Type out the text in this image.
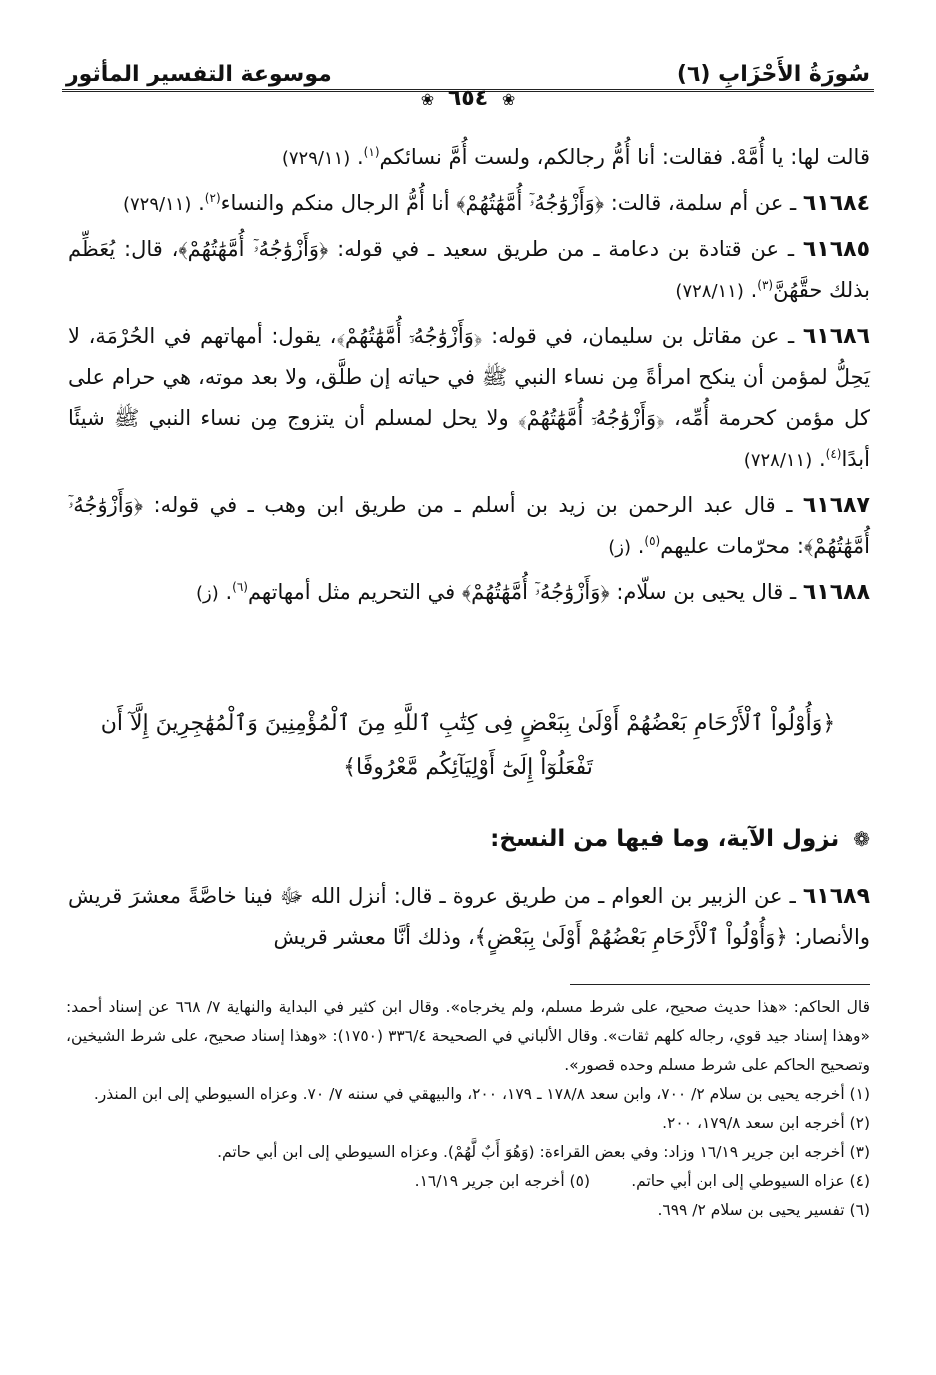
سُورَةُ الأَحْزَابِ (٦)
موسوعة التفسير المأثور
❀ ٦٥٤ ❀

قالت لها: يا أُمَّهْ. فقالت: أنا أُمُّ رجالكم، ولست أُمَّ نسائكم$^{(١)}$. (٧٢٩/١١)

٦١٦٨٤ ـ عن أم سلمة، قالت: ﴿وَأَزْوَٰجُهُۥٓ أُمَّهَٰتُهُمْ﴾ أنا أُمُّ الرجال منكم والنساء$^{(٢)}$. (٧٢٩/١١)

٦١٦٨٥ ـ عن قتادة بن دعامة ـ من طريق سعيد ـ في قوله: ﴿وَأَزْوَٰجُهُۥٓ أُمَّهَٰتُهُمْ﴾، قال: يُعَظِّم بذلك حقَّهُنَّ$^{(٣)}$. (٧٢٨/١١)

٦١٦٨٦ ـ عن مقاتل بن سليمان، في قوله: ﴿وَأَزْوَٰجُهُۥٓ أُمَّهَٰتُهُمْ﴾، يقول: أمهاتهم في الحُرْمَة، لا يَحِلُّ لمؤمن أن ينكح امرأةً مِن نساء النبي ﷺ في حياته إن طلَّق، ولا بعد موته، هي حرام على كل مؤمن كحرمة أُمِّه، ﴿وَأَزْوَٰجُهُۥٓ أُمَّهَٰتُهُمْ﴾ ولا يحل لمسلم أن يتزوج مِن نساء النبي ﷺ شيئًا أبدًا$^{(٤)}$. (٧٢٨/١١)

٦١٦٨٧ ـ قال عبد الرحمن بن زيد بن أسلم ـ من طريق ابن وهب ـ في قوله: ﴿وَأَزْوَٰجُهُۥٓ أُمَّهَٰتُهُمْ﴾: محرّمات عليهم$^{(٥)}$. (ز)

٦١٦٨٨ ـ قال يحيى بن سلّام: ﴿وَأَزْوَٰجُهُۥٓ أُمَّهَٰتُهُمْ﴾ في التحريم مثل أمهاتهم$^{(٦)}$. (ز)

﴿وَأُوْلُواْ ٱلْأَرْحَامِ بَعْضُهُمْ أَوْلَىٰ بِبَعْضٍ فِى كِتَٰبِ ٱللَّهِ مِنَ ٱلْمُؤْمِنِينَ وَٱلْمُهَٰجِرِينَ إِلَّآ أَن
تَفْعَلُوٓاْ إِلَىٰٓ أَوْلِيَآئِكُم مَّعْرُوفًا﴾
❁ نزول الآية، وما فيها من النسخ:

٦١٦٨٩ ـ عن الزبير بن العوام ـ من طريق عروة ـ قال: أنزل الله ﷻ فينا خاصَّةً معشرَ قريش والأنصار: ﴿وَأُوْلُواْ ٱلْأَرْحَامِ بَعْضُهُمْ أَوْلَىٰ بِبَعْضٍ﴾، وذلك أنَّا معشر قريش

قال الحاكم: «هذا حديث صحيح، على شرط مسلم، ولم يخرجاه». وقال ابن كثير في البداية والنهاية ٧/ ٦٦٨ عن إسناد أحمد: «وهذا إسناد جيد قوي، رجاله كلهم ثقات». وقال الألباني في الصحيحة ٣٣٦/٤ (١٧٥٠): «وهذا إسناد صحيح، على شرط الشيخين، وتصحيح الحاكم على شرط مسلم وحده قصور».

(١) أخرجه يحيى بن سلام ٢/ ٧٠٠، وابن سعد ١٧٨/٨ ـ ١٧٩، ٢٠٠، والبيهقي في سننه ٧/ ٧٠. وعزاه السيوطي إلى ابن المنذر.

(٢) أخرجه ابن سعد ١٧٩/٨، ٢٠٠.

(٣) أخرجه ابن جرير ١٦/١٩ وزاد: وفي بعض القراءة: (وَهُوَ أَبٌ لَّهُمْ). وعزاه السيوطي إلى ابن أبي حاتم.

(٤) عزاه السيوطي إلى ابن أبي حاتم.
(٥) أخرجه ابن جرير ١٦/١٩.

(٦) تفسير يحيى بن سلام ٢/ ٦٩٩.
